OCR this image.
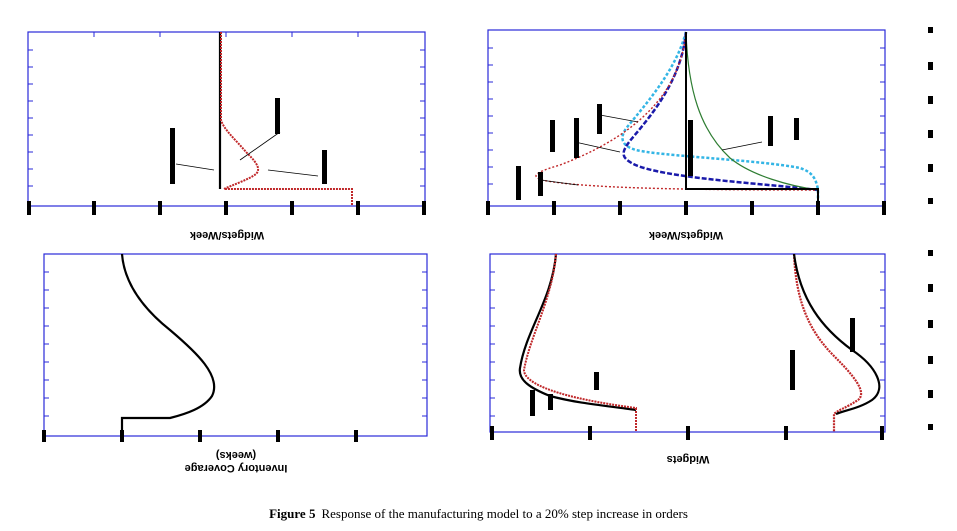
Widgets/Week	Widgets/Week
(weeks)
Inventory Coverage
Widgets
Figure 5 Response of the manufacturing model to a 20% step increase in orders
